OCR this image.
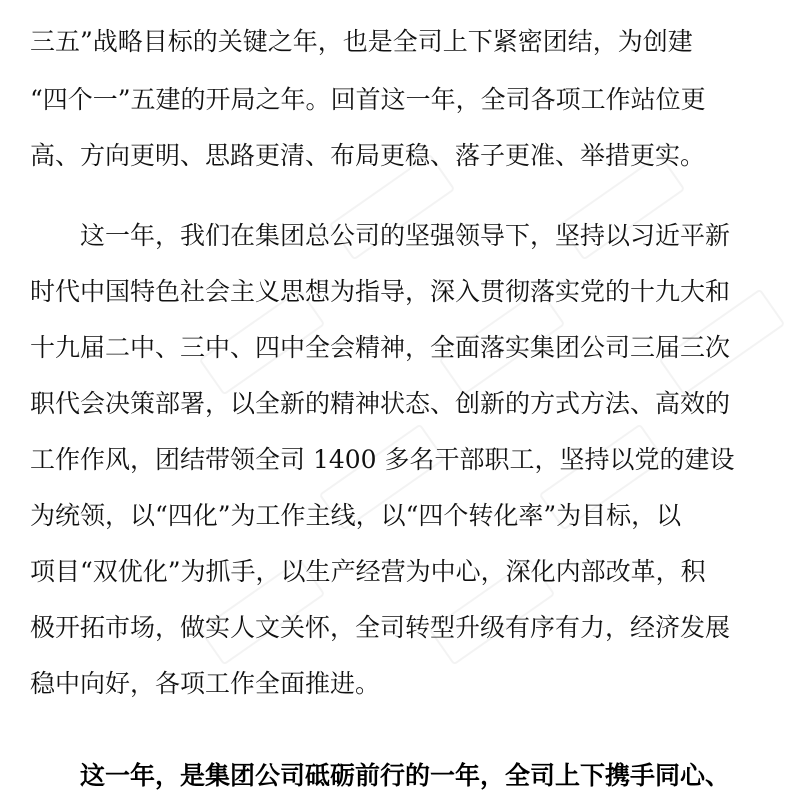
三五”战略目标的关键之年，也是全司上下紧密团结，为创建
“四个一”五建的开局之年。回首这一年，全司各项工作站位更
高、方向更明、思路更清、布局更稳、落子更准、举措更实。
这一年，我们在集团总公司的坚强领导下，坚持以习近平新
时代中国特色社会主义思想为指导，深入贯彻落实党的十九大和
十九届二中、三中、四中全会精神，全面落实集团公司三届三次
职代会决策部署，以全新的精神状态、创新的方式方法、高效的
工作作风，团结带领全司 1400 多名干部职工，坚持以党的建设
为统领，以“四化”为工作主线，以“四个转化率”为目标，以
项目“双优化”为抓手，以生产经营为中心，深化内部改革，积
极开拓市场，做实人文关怀，全司转型升级有序有力，经济发展
稳中向好，各项工作全面推进。
这一年，是集团公司砥砺前行的一年，全司上下携手同心、
